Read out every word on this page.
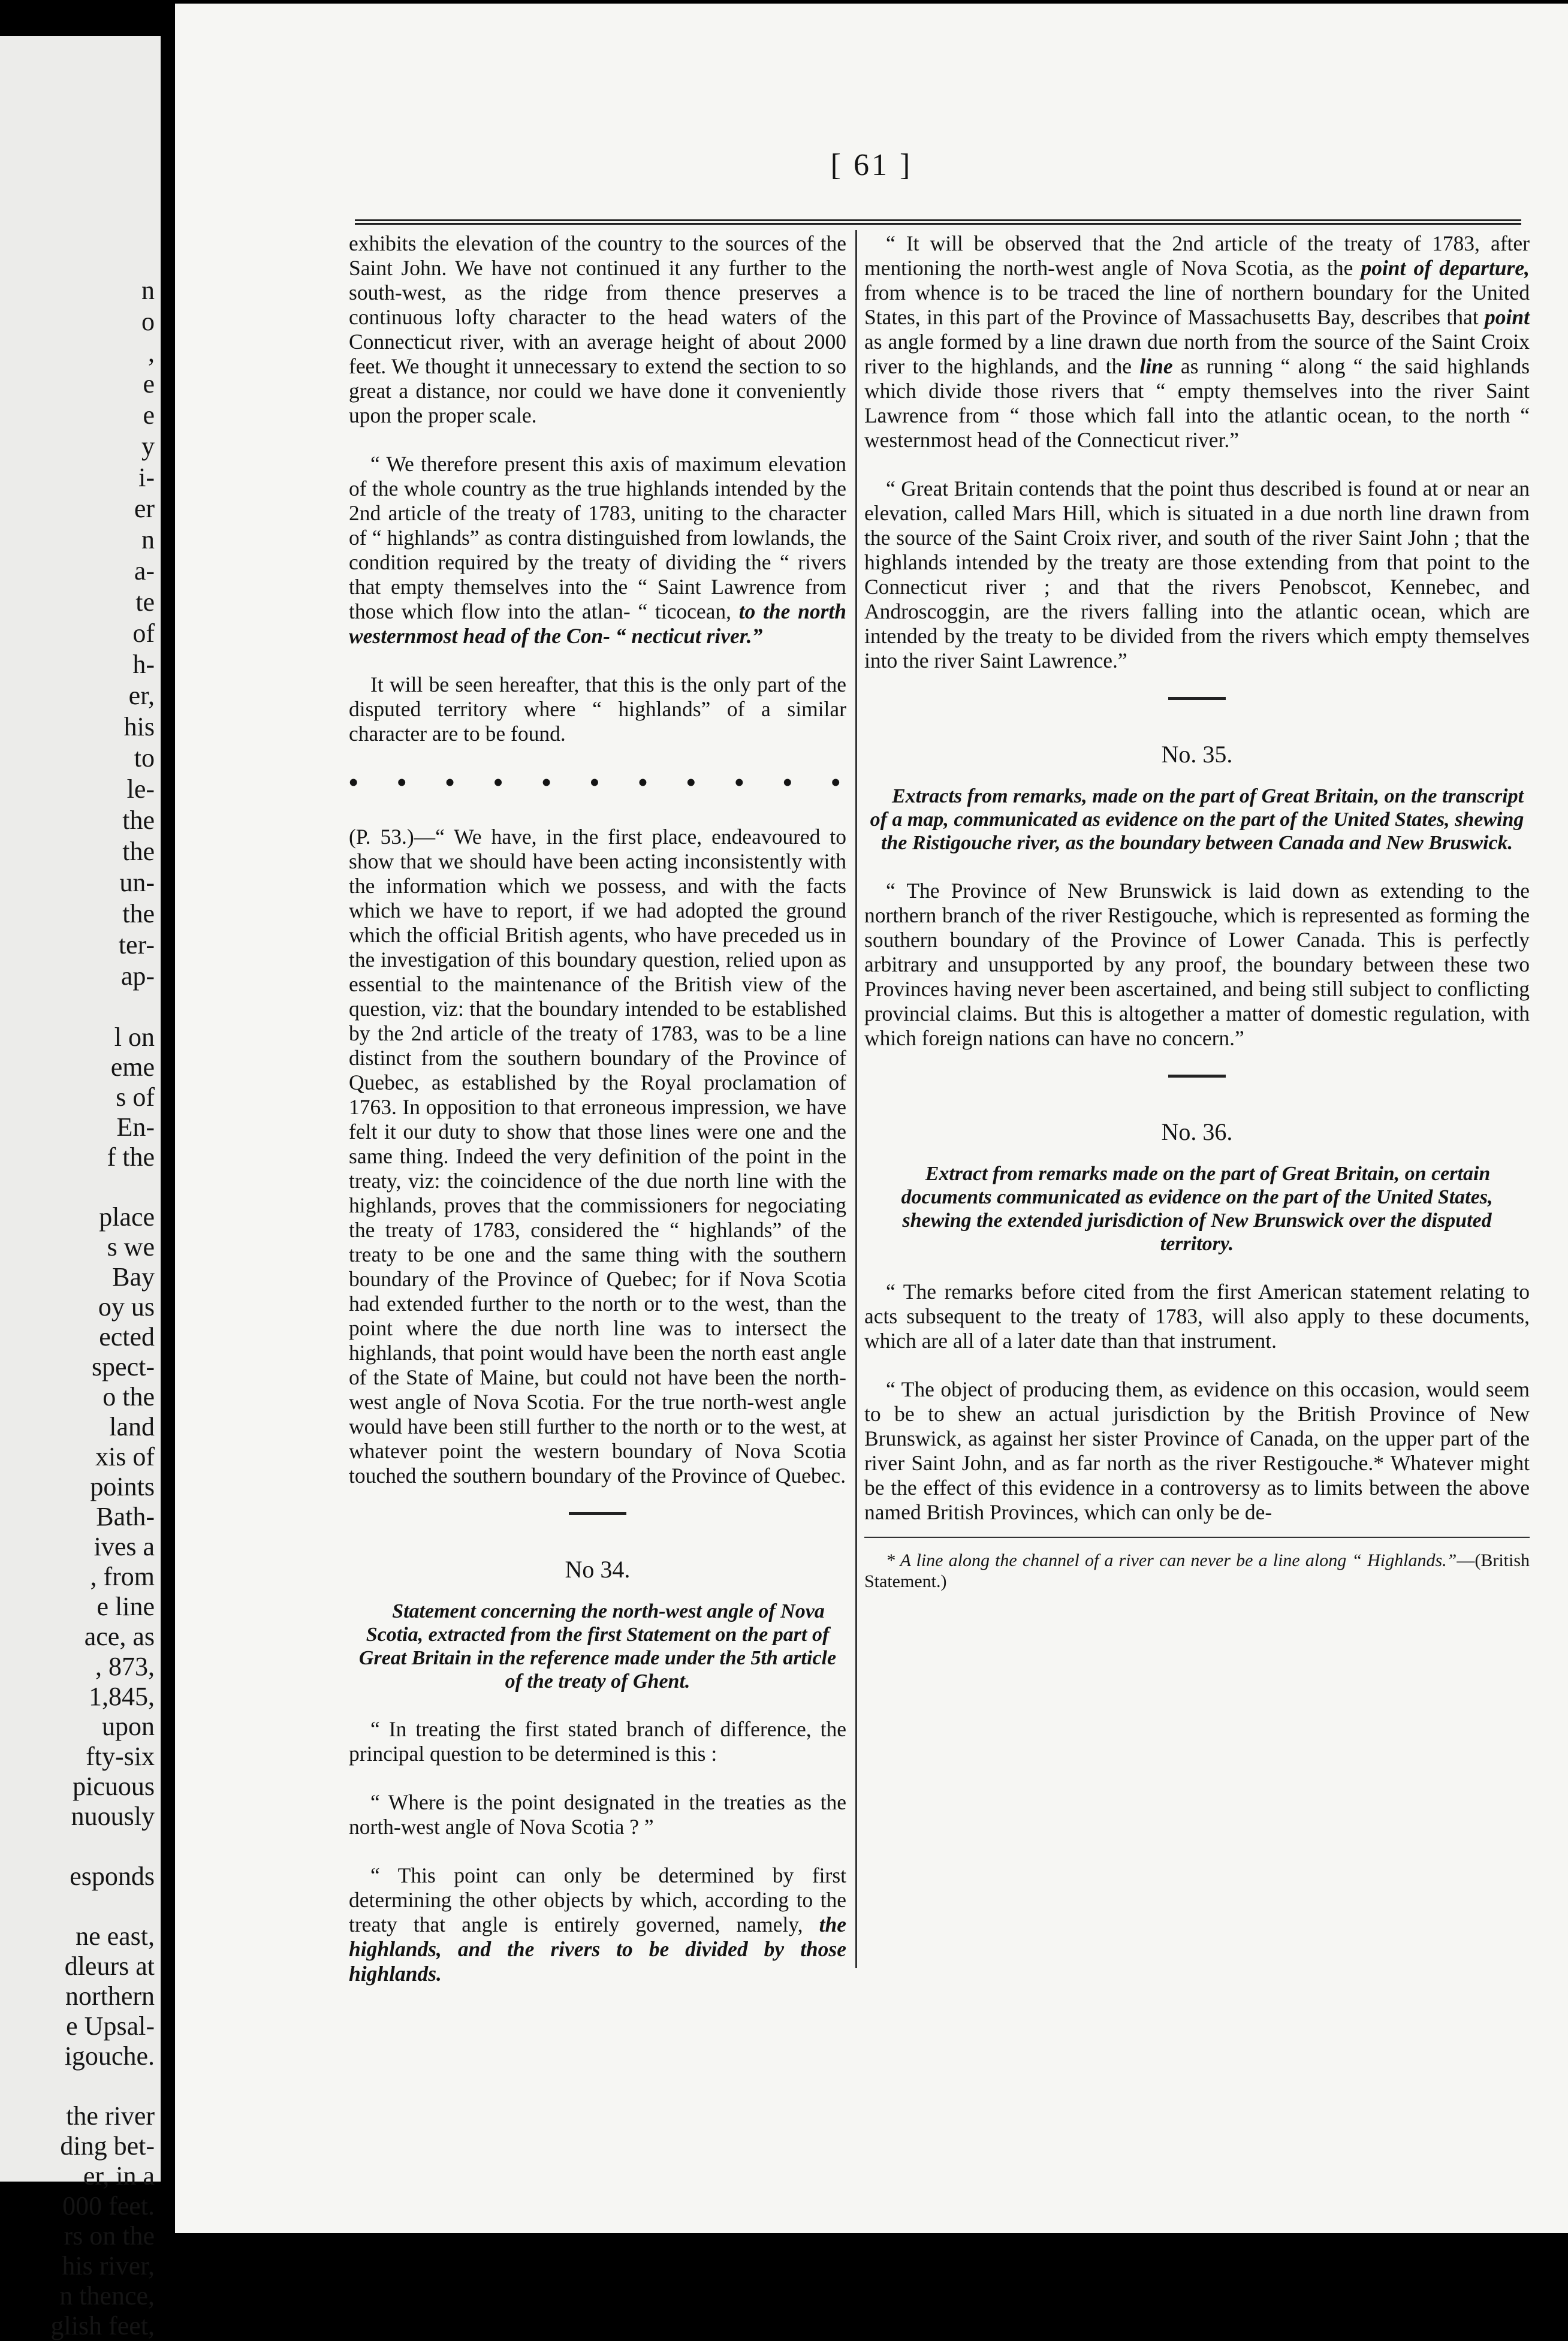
n
o
,
e
e
y
i-
er
n
a-
te
of
h-
er,
his
to
le-
the
the
un-
the
ter-
ap-
l on
eme
s of
En-
f the
place
s we
Bay
oy us
ected
spect-
o the
land
xis of
points
Bath-
ives a
, from
e line
ace, as
, 873,
1,845,
upon
fty-six
picuous
nuously
esponds
ne east,
dleurs at
northern
e Upsal-
igouche.
the river
ding bet-
er, in a
000 feet.
rs on the
his river,
n thence,
glish feet,
[ 61 ]

exhibits the elevation of the country to the sources of the Saint John. We have not continued it any further to the south-west, as the ridge from thence preserves a continuous lofty character to the head waters of the Connecticut river, with an average height of about 2000 feet. We thought it unnecessary to extend the section to so great a distance, nor could we have done it conveniently upon the proper scale.

“ We therefore present this axis of maximum elevation of the whole country as the true highlands intended by the 2nd article of the treaty of 1783, uniting to the character of “ highlands” as contra distinguished from lowlands, the condition required by the treaty of dividing the “ rivers that empty themselves into the “ Saint Lawrence from those which flow into the atlan- “ ticocean, to the north westernmost head of the Con- “ necticut river.”

It will be seen hereafter, that this is the only part of the disputed territory where “ highlands” of a similar character are to be found.

• • • • • • • • • • •

(P. 53.)—“ We have, in the first place, endeavoured to show that we should have been acting inconsistently with the information which we possess, and with the facts which we have to report, if we had adopted the ground which the official British agents, who have preceded us in the investigation of this boundary question, relied upon as essential to the maintenance of the British view of the question, viz: that the boundary intended to be established by the 2nd article of the treaty of 1783, was to be a line distinct from the southern boundary of the Province of Quebec, as established by the Royal proclamation of 1763. In opposition to that erroneous impression, we have felt it our duty to show that those lines were one and the same thing. Indeed the very definition of the point in the treaty, viz: the coincidence of the due north line with the highlands, proves that the commissioners for negociating the treaty of 1783, considered the “ highlands” of the treaty to be one and the same thing with the southern boundary of the Province of Quebec; for if Nova Scotia had extended further to the north or to the west, than the point where the due north line was to intersect the highlands, that point would have been the north east angle of the State of Maine, but could not have been the north-west angle of Nova Scotia. For the true north-west angle would have been still further to the north or to the west, at whatever point the western boundary of Nova Scotia touched the southern boundary of the Province of Quebec.

No 34.

Statement concerning the north-west angle of Nova Scotia, extracted from the first Statement on the part of Great Britain in the reference made under the 5th article of the treaty of Ghent.

“ In treating the first stated branch of difference, the principal question to be determined is this :

“ Where is the point designated in the treaties as the north-west angle of Nova Scotia ? ”

“ This point can only be determined by first determining the other objects by which, according to the treaty that angle is entirely governed, namely, the highlands, and the rivers to be divided by those highlands.

“ It will be observed that the 2nd article of the treaty of 1783, after mentioning the north-west angle of Nova Scotia, as the point of departure, from whence is to be traced the line of northern boundary for the United States, in this part of the Province of Massachusetts Bay, describes that point as angle formed by a line drawn due north from the source of the Saint Croix river to the highlands, and the line as running “ along “ the said highlands which divide those rivers that “ empty themselves into the river Saint Lawrence from “ those which fall into the atlantic ocean, to the north “ westernmost head of the Connecticut river.”

“ Great Britain contends that the point thus described is found at or near an elevation, called Mars Hill, which is situated in a due north line drawn from the source of the Saint Croix river, and south of the river Saint John ; that the highlands intended by the treaty are those extending from that point to the Connecticut river ; and that the rivers Penobscot, Kennebec, and Androscoggin, are the rivers falling into the atlantic ocean, which are intended by the treaty to be divided from the rivers which empty themselves into the river Saint Lawrence.”

No. 35.

Extracts from remarks, made on the part of Great Britain, on the transcript of a map, communicated as evidence on the part of the United States, shewing the Ristigouche river, as the boundary between Canada and New Bruswick.

“ The Province of New Brunswick is laid down as extending to the northern branch of the river Restigouche, which is represented as forming the southern boundary of the Province of Lower Canada. This is perfectly arbitrary and unsupported by any proof, the boundary between these two Provinces having never been ascertained, and being still subject to conflicting provincial claims. But this is altogether a matter of domestic regulation, with which foreign nations can have no concern.”

No. 36.

Extract from remarks made on the part of Great Britain, on certain documents communicated as evidence on the part of the United States, shewing the extended jurisdiction of New Brunswick over the disputed territory.

“ The remarks before cited from the first American statement relating to acts subsequent to the treaty of 1783, will also apply to these documents, which are all of a later date than that instrument.

“ The object of producing them, as evidence on this occasion, would seem to be to shew an actual jurisdiction by the British Province of New Brunswick, as against her sister Province of Canada, on the upper part of the river Saint John, and as far north as the river Restigouche.* Whatever might be the effect of this evidence in a controversy as to limits between the above named British Provinces, which can only be de-

* A line along the channel of a river can never be a line along “ Highlands.”—(British Statement.)
